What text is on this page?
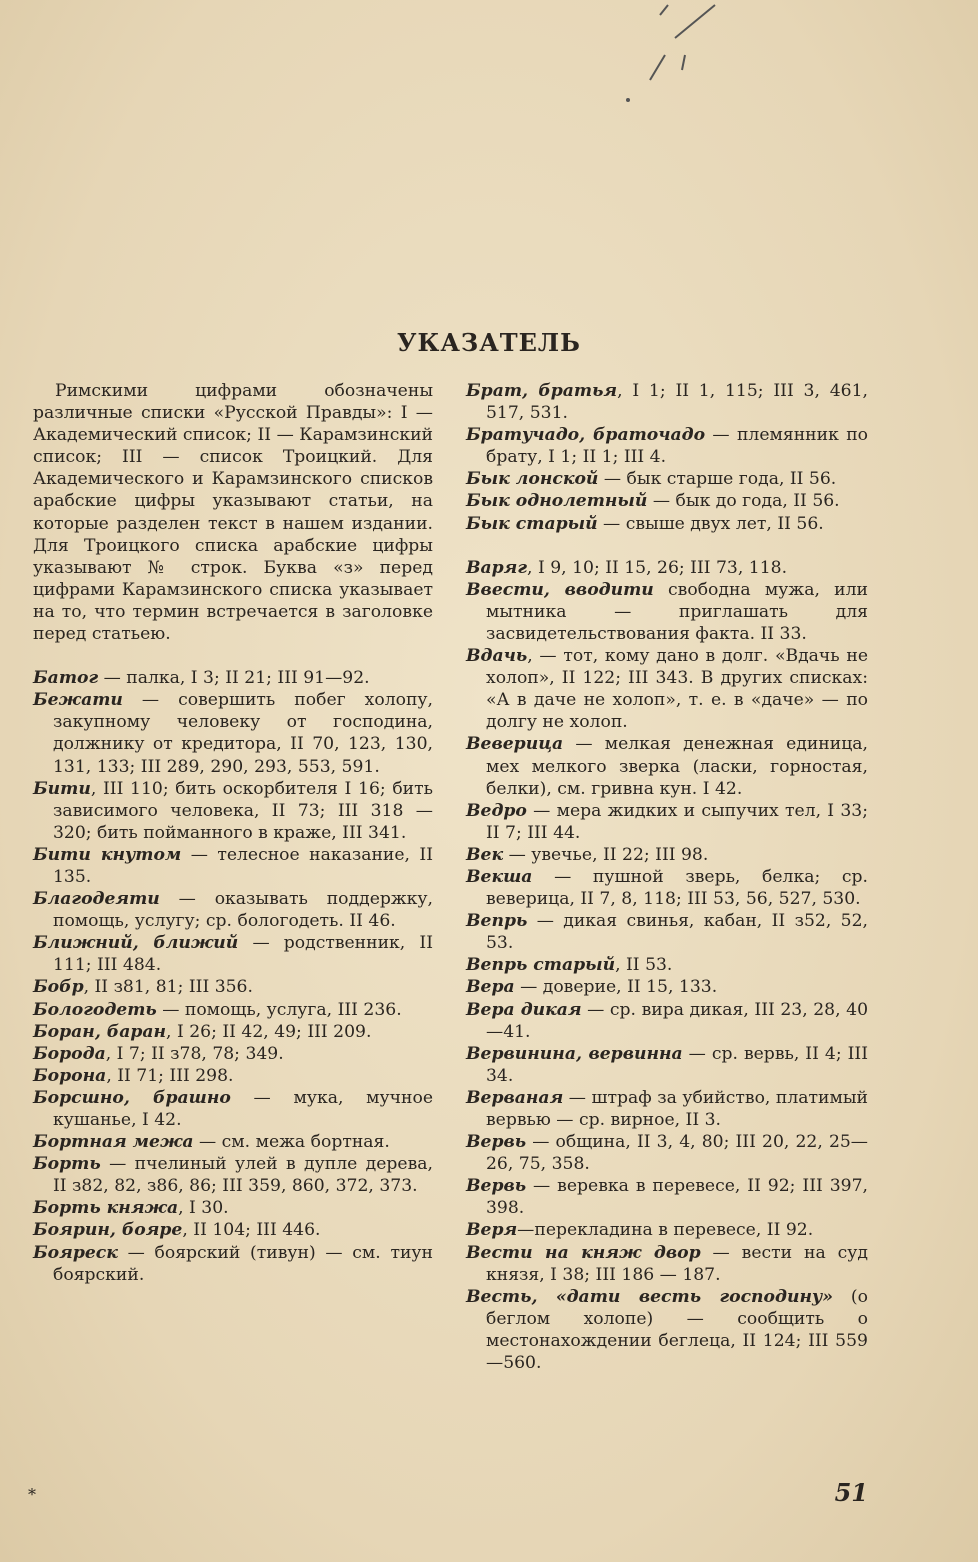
УКАЗАТЕЛЬ

Римскими цифрами обозначены различные списки «Русской Правды»: I — Академический список; II — Карамзинский список; III — список Троицкий. Для Академического и Карамзинского списков арабские цифры указывают статьи, на которые разделен текст в нашем издании. Для Троицкого списка арабские цифры указывают № строк. Буква «з» перед цифрами Карамзинского списка указывает на то, что термин встречается в заголовке перед статьею.

Батог — палка, I 3; II 21; III 91—92.

Бежати — совершить побег холопу, закупному человеку от господина, должнику от кредитора, II 70, 123, 130, 131, 133; III 289, 290, 293, 553, 591.

Бити, III 110; бить оскорбителя I 16; бить зависимого человека, II 73; III 318 — 320; бить пойманного в краже, III 341.

Бити кнутом — телесное наказание, II 135.

Благодеяти — оказывать поддержку, помощь, услугу; ср. бологодеть. II 46.

Ближний, ближий — родственник, II 111; III 484.

Бобр, II з81, 81; III 356.

Бологодеть — помощь, услуга, III 236.

Боран, баран, I 26; II 42, 49; III 209.

Борода, I 7; II з78, 78; 349.

Борона, II 71; III 298.

Борсшно, брашно — мука, мучное кушанье, I 42.

Бортная межа — см. межа бортная.

Борть — пчелиный улей в дупле дерева, II з82, 82, з86, 86; III 359, 860, 372, 373.

Борть княжа, I 30.

Боярин, бояре, II 104; III 446.

Бояреск — боярский (тивун) — см. тиун боярский.

Брат, братья, I 1; II 1, 115; III 3, 461, 517, 531.

Братучадо, браточадо — племянник по брату, I 1; II 1; III 4.

Бык лонской — бык старше года, II 56.

Бык однолетный — бык до года, II 56.

Бык старый — свыше двух лет, II 56.

Варяг, I 9, 10; II 15, 26; III 73, 118.

Ввести, вводити свободна мужа, или мытника — приглашать для засвидетельствования факта. II 33.

Вдачь, — тот, кому дано в долг. «Вдачь не холоп», II 122; III 343. В других списках: «А в даче не холоп», т. е. в «даче» — по долгу не холоп.

Веверица — мелкая денежная единица, мех мелкого зверка (ласки, горностая, белки), см. гривна кун. I 42.

Ведро — мера жидких и сыпучих тел, I 33; II 7; III 44.

Век — увечье, II 22; III 98.

Векша — пушной зверь, белка; ср. веверица, II 7, 8, 118; III 53, 56, 527, 530.

Вепрь — дикая свинья, кабан, II з52, 52, 53.

Вепрь старый, II 53.

Вера — доверие, II 15, 133.

Вера дикая — ср. вира дикая, III 23, 28, 40—41.

Вервинина, вервинна — ср. вервь, II 4; III 34.

Верваная — штраф за убийство, платимый вервью — ср. вирное, II 3.

Вервь — община, II 3, 4, 80; III 20, 22, 25—26, 75, 358.

Вервь — веревка в перевесе, II 92; III 397, 398.

Веря—перекладина в перевесе, II 92.

Вести на княж двор — вести на суд князя, I 38; III 186 — 187.

Весть, «дати весть господину» (о беглом холопе) — сообщить о местонахождении беглеца, II 124; III 559—560.

*	51
